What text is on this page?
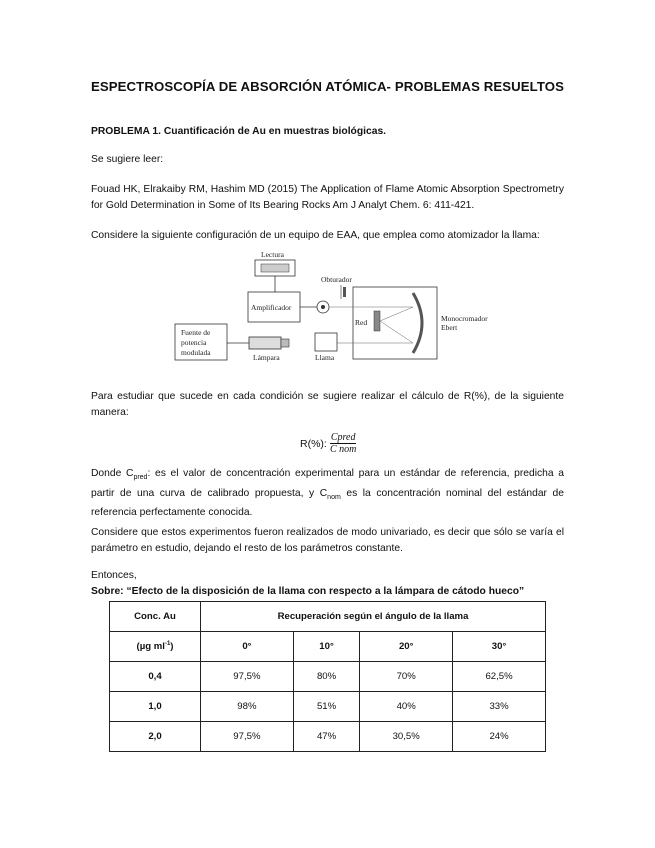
ESPECTROSCOPÍA DE ABSORCIÓN ATÓMICA- PROBLEMAS RESUELTOS
PROBLEMA 1. Cuantificación de Au en muestras biológicas.
Se sugiere leer:
Fouad HK, Elrakaiby RM, Hashim MD (2015) The Application of Flame Atomic Absorption Spectrometry for Gold Determination in Some of Its Bearing Rocks Am J Analyt Chem. 6: 411-421.
Considere la siguiente configuración de un equipo de EAA, que emplea como atomizador la llama:
Lectura
Amplificador
Obturador
Red	Monocromador
Ebert
Fuente de
potencia
modulada
Lámpara	Llama
Para estudiar que sucede en cada condición se sugiere realizar el cálculo de R(%), de la siguiente manera:
R(%): $\frac{\text{Cpred}}{\text{C nom}}$
Donde $C_{pred}$: es el valor de concentración experimental para un estándar de referencia, predicha a partir de una curva de calibrado propuesta, y $C_{nom}$ es la concentración nominal del estándar de referencia perfectamente conocida.
Considere que estos experimentos fueron realizados de modo univariado, es decir que sólo se varía el parámetro en estudio, dejando el resto de los parámetros constante.
Entonces,
Sobre: “Efecto de la disposición de la llama con respecto a la lámpara de cátodo hueco”
Conc. Au	Recuperación según el ángulo de la llama			
(µg $ml^{-1}$)	0°	10°	20°	30°
0,4	97,5%	80%	70%	62,5%
1,0	98%	51%	40%	33%
2,0	97,5%	47%	30,5%	24%
